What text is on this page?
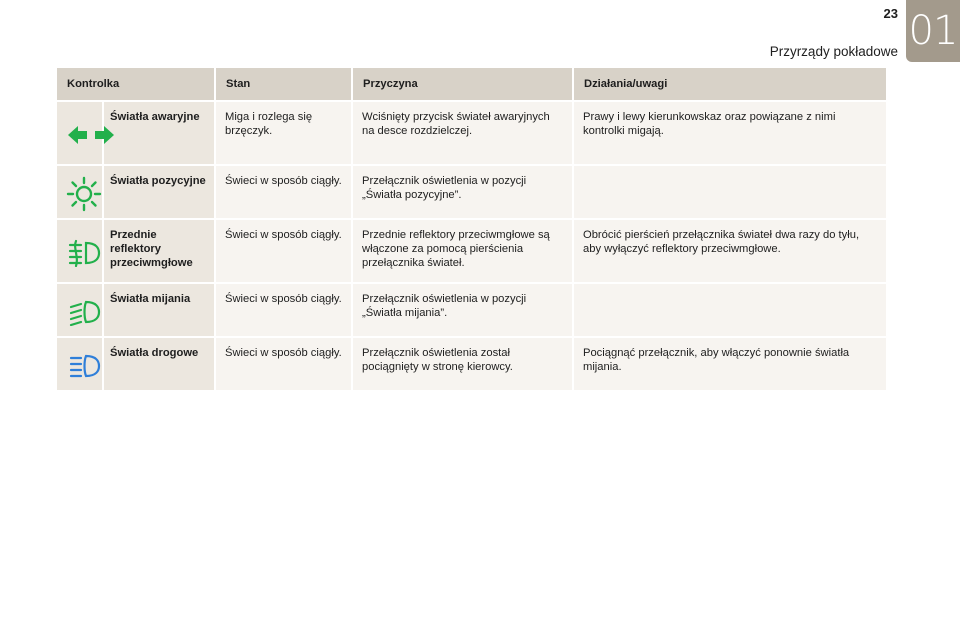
23
Przyrządy pokładowe 01
Kontrolka		Stan	Przyczyna	Działania/uwagi
	Światła awaryjne	Miga i rozlega się brzęczyk.	Wciśnięty przycisk świateł awaryjnych na desce rozdzielczej.	Prawy i lewy kierunkowskaz oraz powiązane z nimi kontrolki migają.
	Światła pozycyjne	Świeci w sposób ciągły.	Przełącznik oświetlenia w pozycji „Światła pozycyjne”.	
	Przednie reflektory przeciwmgłowe	Świeci w sposób ciągły.	Przednie reflektory przeciwmgłowe są włączone za pomocą pierścienia przełącznika świateł.	Obrócić pierścień przełącznika świateł dwa razy do tyłu, aby wyłączyć reflektory przeciwmgłowe.
	Światła mijania	Świeci w sposób ciągły.	Przełącznik oświetlenia w pozycji „Światła mijania”.	
	Światła drogowe	Świeci w sposób ciągły.	Przełącznik oświetlenia został pociągnięty w stronę kierowcy.	Pociągnąć przełącznik, aby włączyć ponownie światła mijania.
